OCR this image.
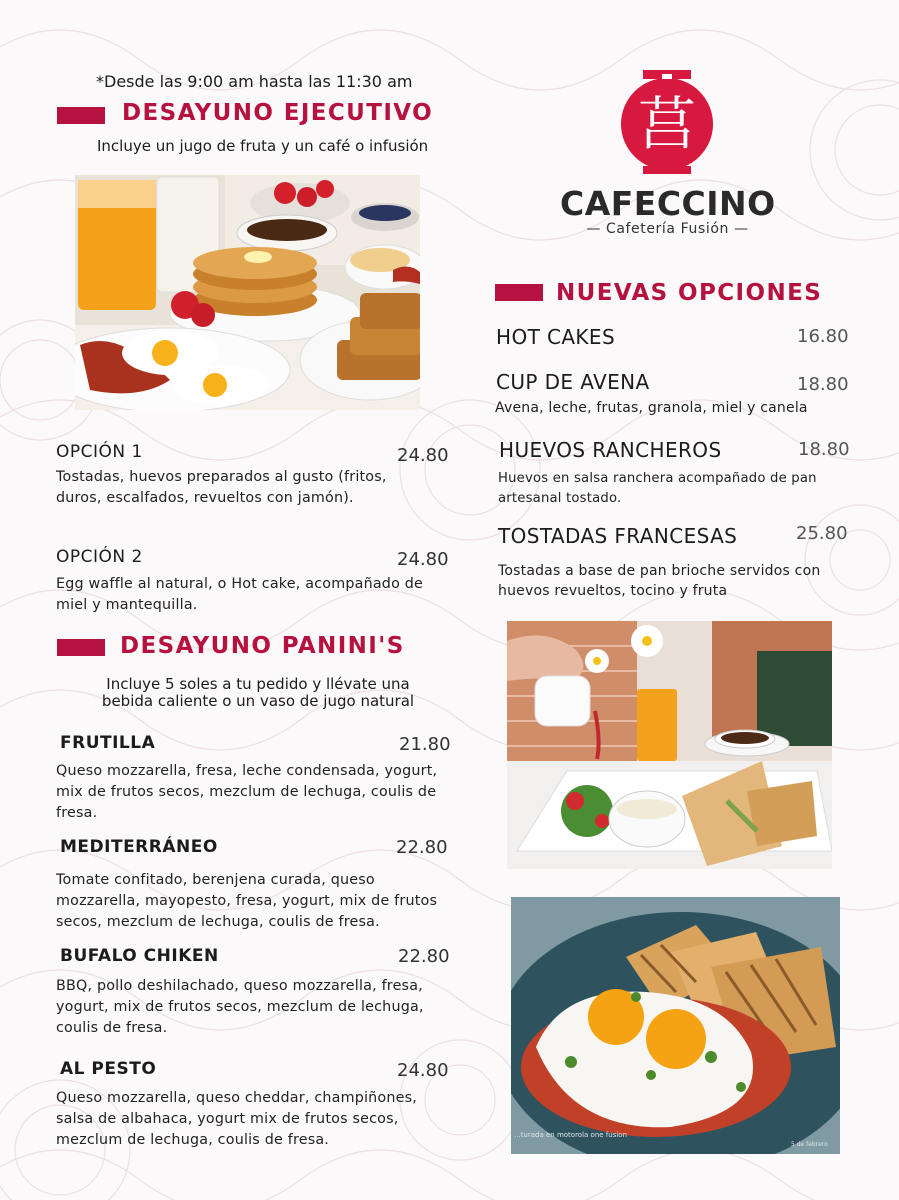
*Desde las 9:00 am hasta las 11:30 am
DESAYUNO EJECUTIVO
Incluye un jugo de fruta y un café o infusión
OPCIÓN 1	24.80
Tostadas, huevos preparados al gusto (fritos,
duros, escalfados, revueltos con jamón).
OPCIÓN 2	24.80
Egg waffle al natural, o Hot cake, acompañado de
miel y mantequilla.
DESAYUNO PANINI'S
Incluye 5 soles a tu pedido y llévate una
bebida caliente o un vaso de jugo natural
FRUTILLA	21.80
Queso mozzarella, fresa, leche condensada, yogurt,
mix de frutos secos, mezclum de lechuga, coulis de
fresa.
MEDITERRÁNEO	22.80
Tomate confitado, berenjena curada, queso
mozzarella, mayopesto, fresa, yogurt, mix de frutos
secos, mezclum de lechuga, coulis de fresa.
BUFALO CHIKEN	22.80
BBQ, pollo deshilachado, queso mozzarella, fresa,
yogurt, mix de frutos secos, mezclum de lechuga,
coulis de fresa.
AL PESTO	24.80
Queso mozzarella, queso cheddar, champiñones,
salsa de albahaca, yogurt mix de frutos secos,
mezclum de lechuga, coulis de fresa.
莒
CAFECCINO
— Cafetería Fusión —
NUEVAS OPCIONES
HOT CAKES	16.80
CUP DE AVENA	18.80
Avena, leche, frutas, granola, miel y canela
HUEVOS RANCHEROS	18.80
Huevos en salsa ranchera acompañado de pan
artesanal tostado.
TOSTADAS FRANCESAS	25.80
Tostadas a base de pan brioche servidos con
huevos revueltos, tocino y fruta
...turada en motorola one fusion
5 de febrero
